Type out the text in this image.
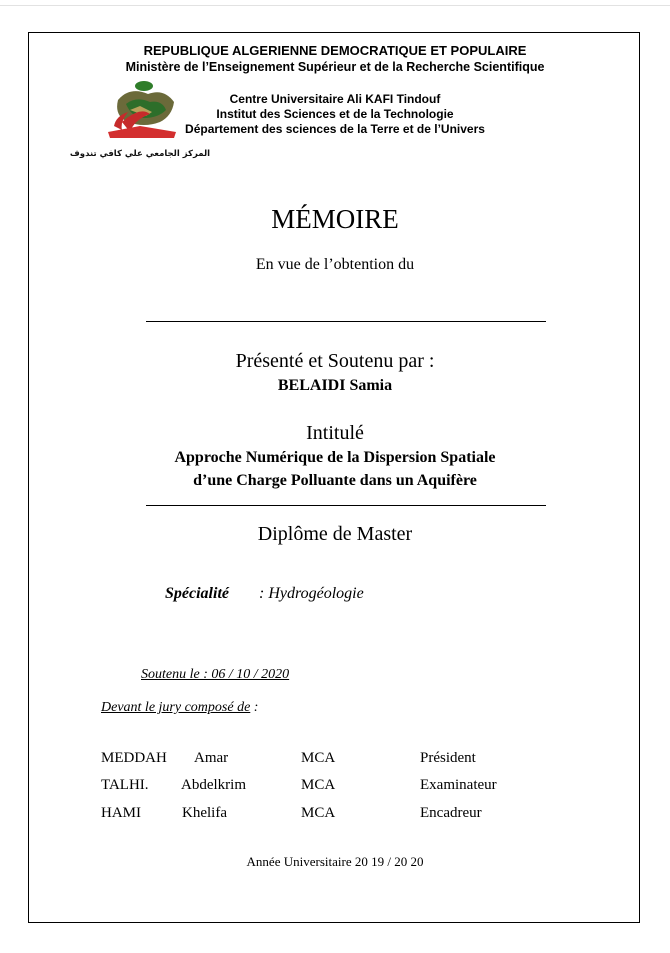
REPUBLIQUE ALGERIENNE DEMOCRATIQUE ET POPULAIRE
Ministère de l’Enseignement Supérieur et de la Recherche Scientifique
المركز الجامعي علي كافي تندوف
Centre Universitaire Ali KAFI Tindouf
Institut des Sciences et de la Technologie
Département des sciences de la Terre et de l’Univers
MÉMOIRE
En vue de l’obtention du
Présenté et Soutenu par :
BELAIDI Samia
Intitulé
Approche Numérique de la Dispersion Spatiale
d’une Charge Polluante dans un Aquifère
Diplôme de Master
Spécialité : Hydrogéologie
Soutenu le : 06 / 10 / 2020
Devant le jury composé de :
MEDDAH Amar	MCA	Président
TALHI. Abdelkrim	MCA	Examinateur
HAMI	Khelifa	MCA	Encadreur
Année Universitaire 20 19 / 20 20
